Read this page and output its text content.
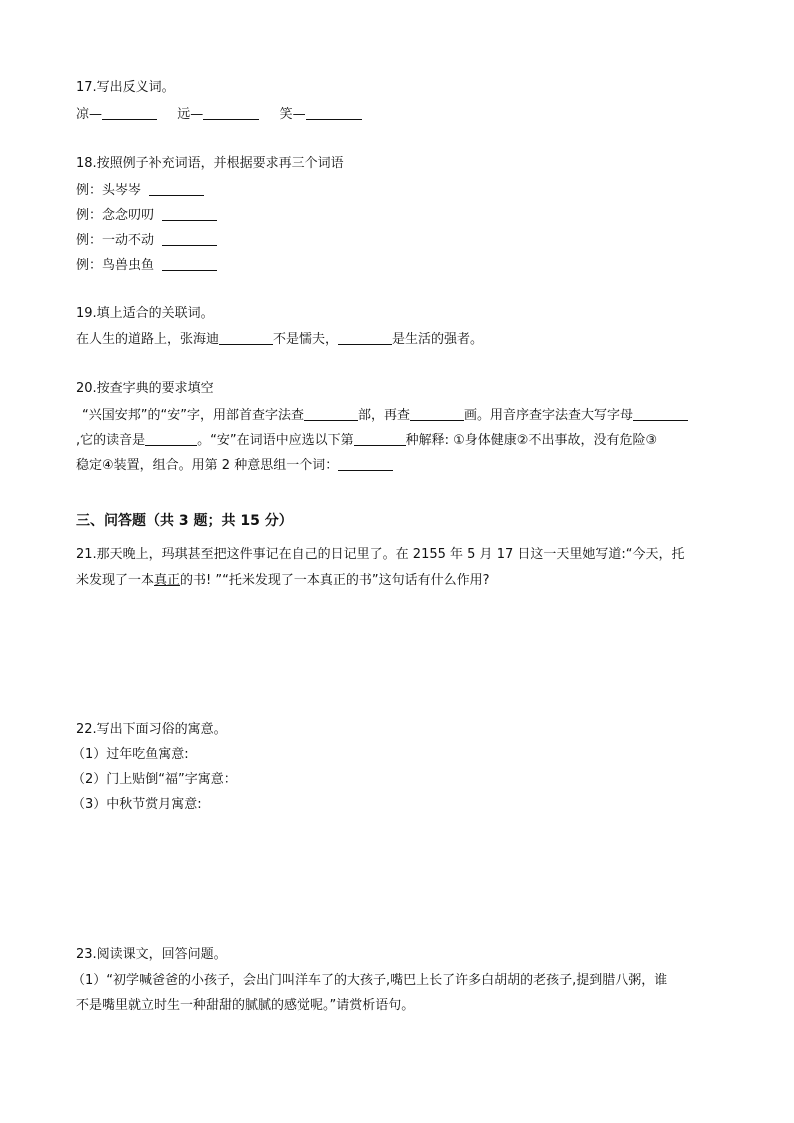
17.写出反义词。
凉—	远—	笑—
18.按照例子补充词语，并根据要求再三个词语
例：头岑岑
例：念念叨叨
例：一动不动
例：鸟兽虫鱼
19.填上适合的关联词。
在人生的道路上，张海迪	不是懦夫，	是生活的强者。
20.按查字典的要求填空
“兴国安邦”的“安”字，用部首查字法查	部，再查	画。用音序查字法查大写字母
,它的读音是	。“安”在词语中应选以下第	种解释: ①身体健康②不出事故，没有危险③
稳定④装置，组合。用第 2 种意思组一个词：
三、问答题（共 3 题；共 15 分）
21.那天晚上，玛琪甚至把这件事记在自己的日记里了。在 2155 年 5 月 17 日这一天里她写道:“今天，托
米发现了一本真正的书! ”“托米发现了一本真正的书”这句话有什么作用?
22.写出下面习俗的寓意。
（1）过年吃鱼寓意:
（2）门上贴倒“福”字寓意：
（3）中秋节赏月寓意:
23.阅读课文，回答问题。
（1）“初学喊爸爸的小孩子，会出门叫洋车了的大孩子,嘴巴上长了许多白胡胡的老孩子,提到腊八粥，谁
不是嘴里就立时生一种甜甜的腻腻的感觉呢。”请赏析语句。
